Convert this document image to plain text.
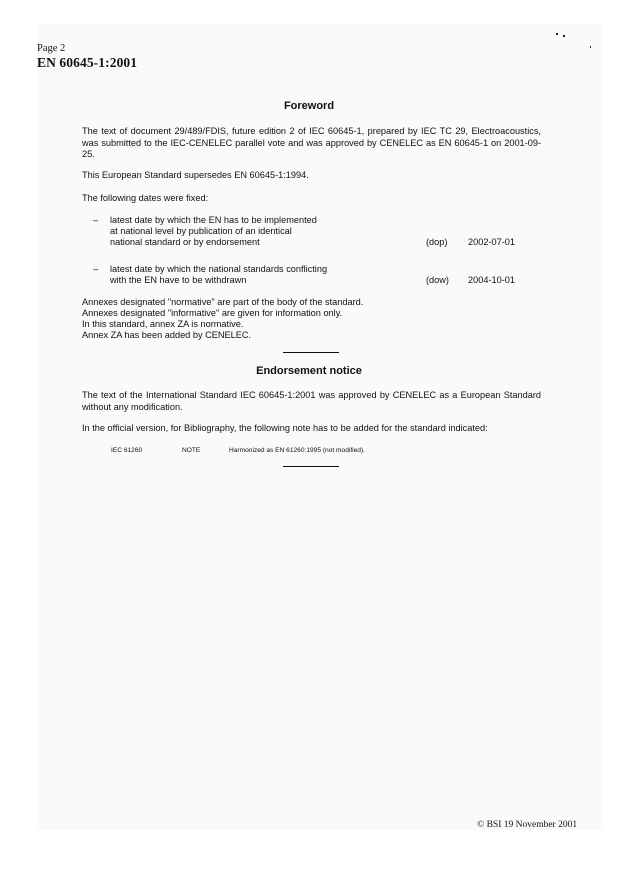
Page 2
EN 60645-1:2001
Foreword
The text of document 29/489/FDIS, future edition 2 of IEC 60645-1, prepared by IEC TC 29, Electroacoustics, was submitted to the IEC-CENELEC parallel vote and was approved by CENELEC as EN 60645-1 on 2001-09-25.
This European Standard supersedes EN 60645-1:1994.
The following dates were fixed:
– latest date by which the EN has to be implemented
at national level by publication of an identical
national standard or by endorsement	(dop) 2002-07-01
– latest date by which the national standards conflicting
with the EN have to be withdrawn	(dow) 2004-10-01
Annexes designated "normative" are part of the body of the standard.
Annexes designated "informative" are given for information only.
In this standard, annex ZA is normative.
Annex ZA has been added by CENELEC.
Endorsement notice
The text of the International Standard IEC 60645-1:2001 was approved by CENELEC as a European Standard without any modification.
In the official version, for Bibliography, the following note has to be added for the standard indicated:
IEC 61260	NOTE	Harmonized as EN 61260:1995 (not modified).
© BSI 19 November 2001
